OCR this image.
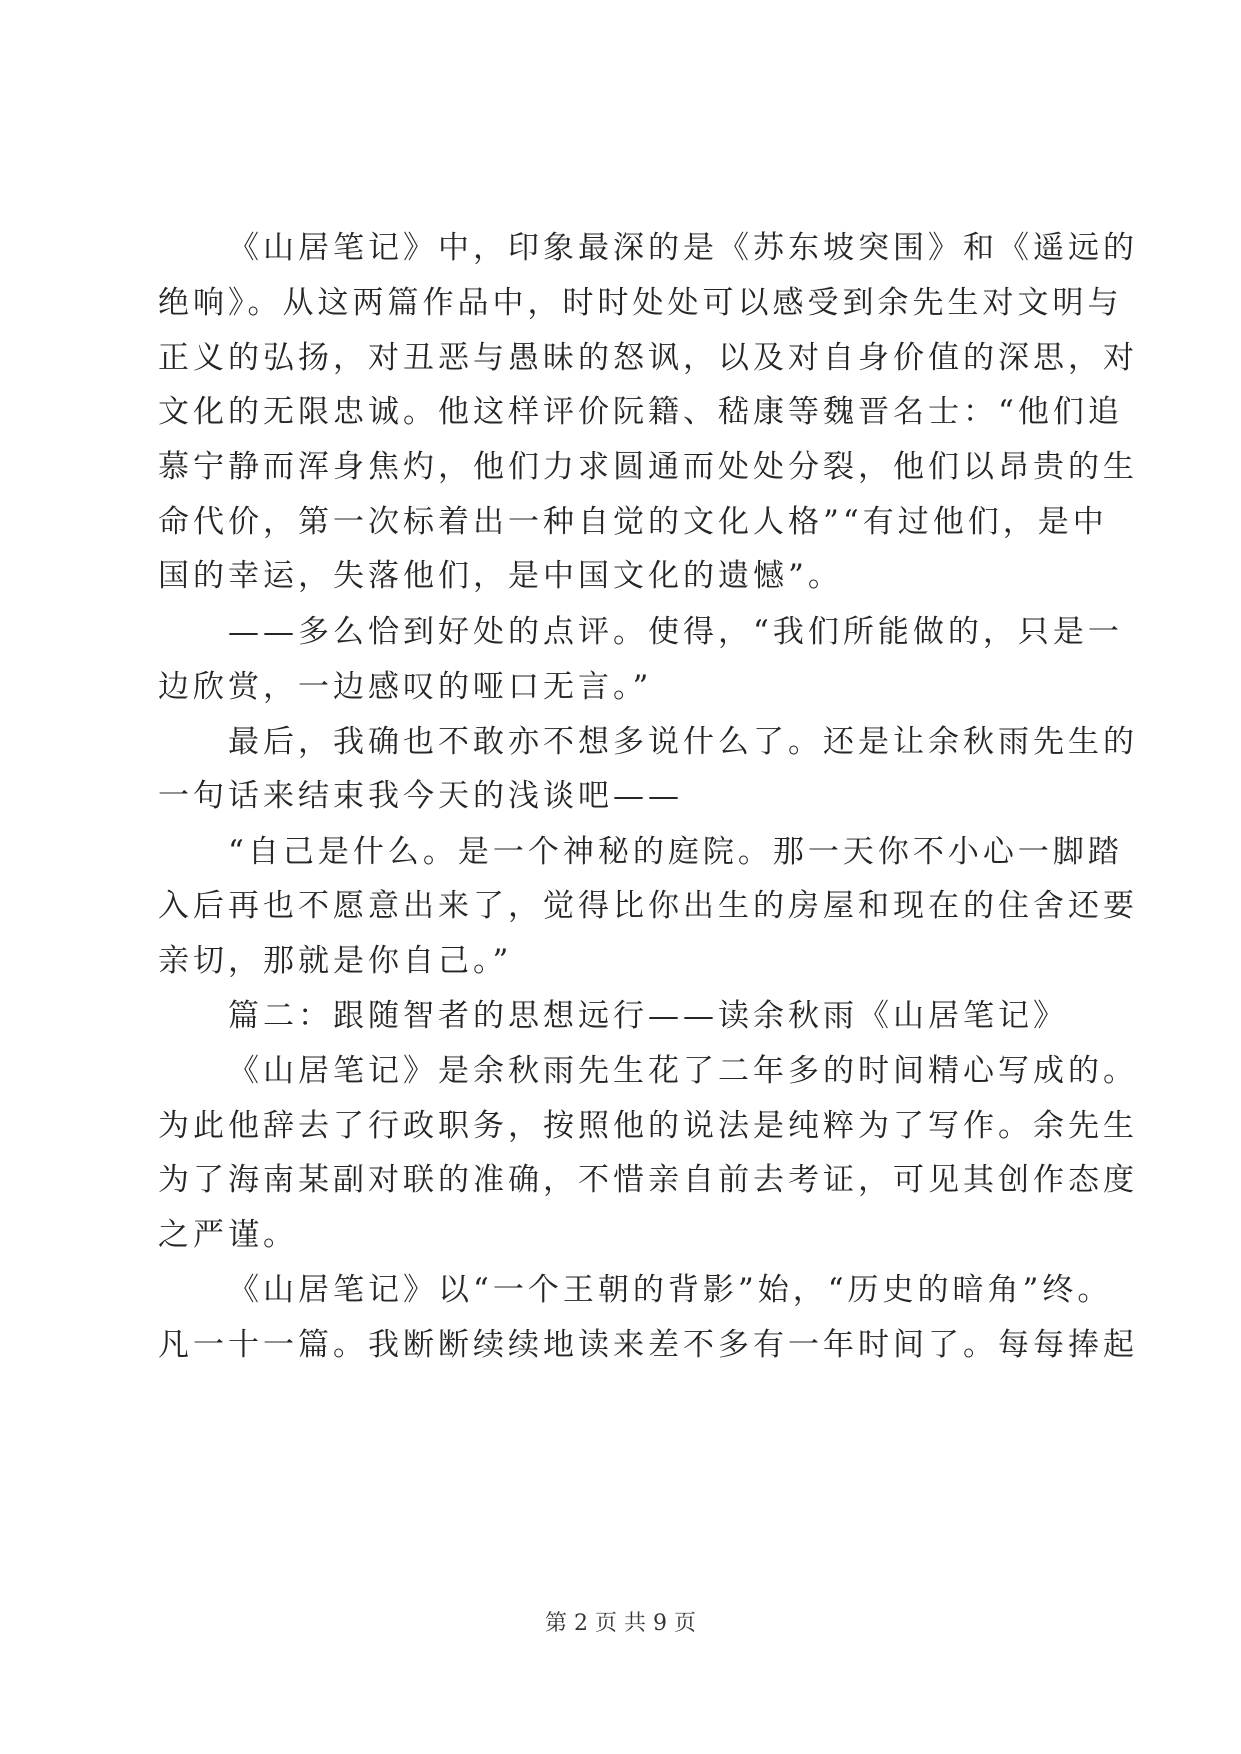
《山居笔记》中，印象最深的是《苏东坡突围》和《遥远的
绝响》。从这两篇作品中，时时处处可以感受到余先生对文明与
正义的弘扬，对丑恶与愚昧的怒讽，以及对自身价值的深思，对
文化的无限忠诚。他这样评价阮籍、嵇康等魏晋名士：“他们追
慕宁静而浑身焦灼，他们力求圆通而处处分裂，他们以昂贵的生
命代价，第一次标着出一种自觉的文化人格”“有过他们，是中
国的幸运，失落他们，是中国文化的遗憾”。
——多么恰到好处的点评。使得，“我们所能做的，只是一
边欣赏，一边感叹的哑口无言。”
最后，我确也不敢亦不想多说什么了。还是让余秋雨先生的
一句话来结束我今天的浅谈吧——
“自己是什么。是一个神秘的庭院。那一天你不小心一脚踏
入后再也不愿意出来了，觉得比你出生的房屋和现在的住舍还要
亲切，那就是你自己。”
篇二：跟随智者的思想远行——读余秋雨《山居笔记》
《山居笔记》是余秋雨先生花了二年多的时间精心写成的。
为此他辞去了行政职务，按照他的说法是纯粹为了写作。余先生
为了海南某副对联的准确，不惜亲自前去考证，可见其创作态度
之严谨。
《山居笔记》以“一个王朝的背影”始，“历史的暗角”终。
凡一十一篇。我断断续续地读来差不多有一年时间了。每每捧起
第 2 页 共 9 页
